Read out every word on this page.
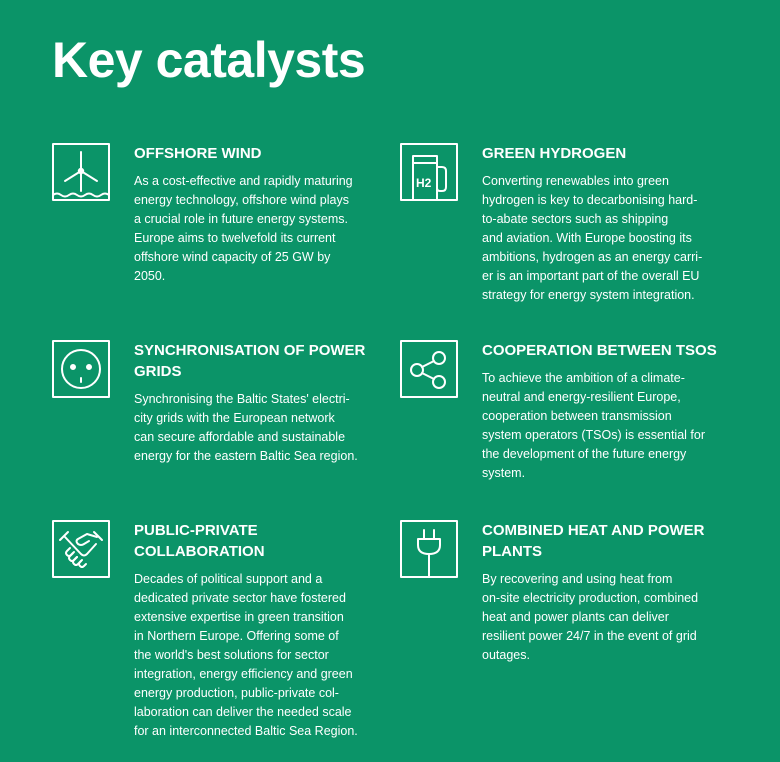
Key catalysts
OFFSHORE WIND

As a cost-effective and rapidly maturing
energy technology, offshore wind plays
a crucial role in future energy systems.
Europe aims to twelvefold its current
offshore wind capacity of 25 GW by
2050.

H2
GREEN HYDROGEN

Converting renewables into green
hydrogen is key to decarbonising hard-
to-abate sectors such as shipping
and aviation. With Europe boosting its
ambitions, hydrogen as an energy carri-
er is an important part of the overall EU
strategy for energy system integration.

SYNCHRONISATION OF POWER
GRIDS

Synchronising the Baltic States' electri-
city grids with the European network
can secure affordable and sustainable
energy for the eastern Baltic Sea region.

COOPERATION BETWEEN TSOS

To achieve the ambition of a climate-
neutral and energy-resilient Europe,
cooperation between transmission
system operators (TSOs) is essential for
the development of the future energy
system.

PUBLIC-PRIVATE COLLABORATION

Decades of political support and a
dedicated private sector have fostered
extensive expertise in green transition
in Northern Europe. Offering some of
the world's best solutions for sector
integration, energy efficiency and green
energy production, public-private col-
laboration can deliver the needed scale
for an interconnected Baltic Sea Region.

COMBINED HEAT AND POWER
PLANTS

By recovering and using heat from
on-site electricity production, combined
heat and power plants can deliver
resilient power 24/7 in the event of grid
outages.
